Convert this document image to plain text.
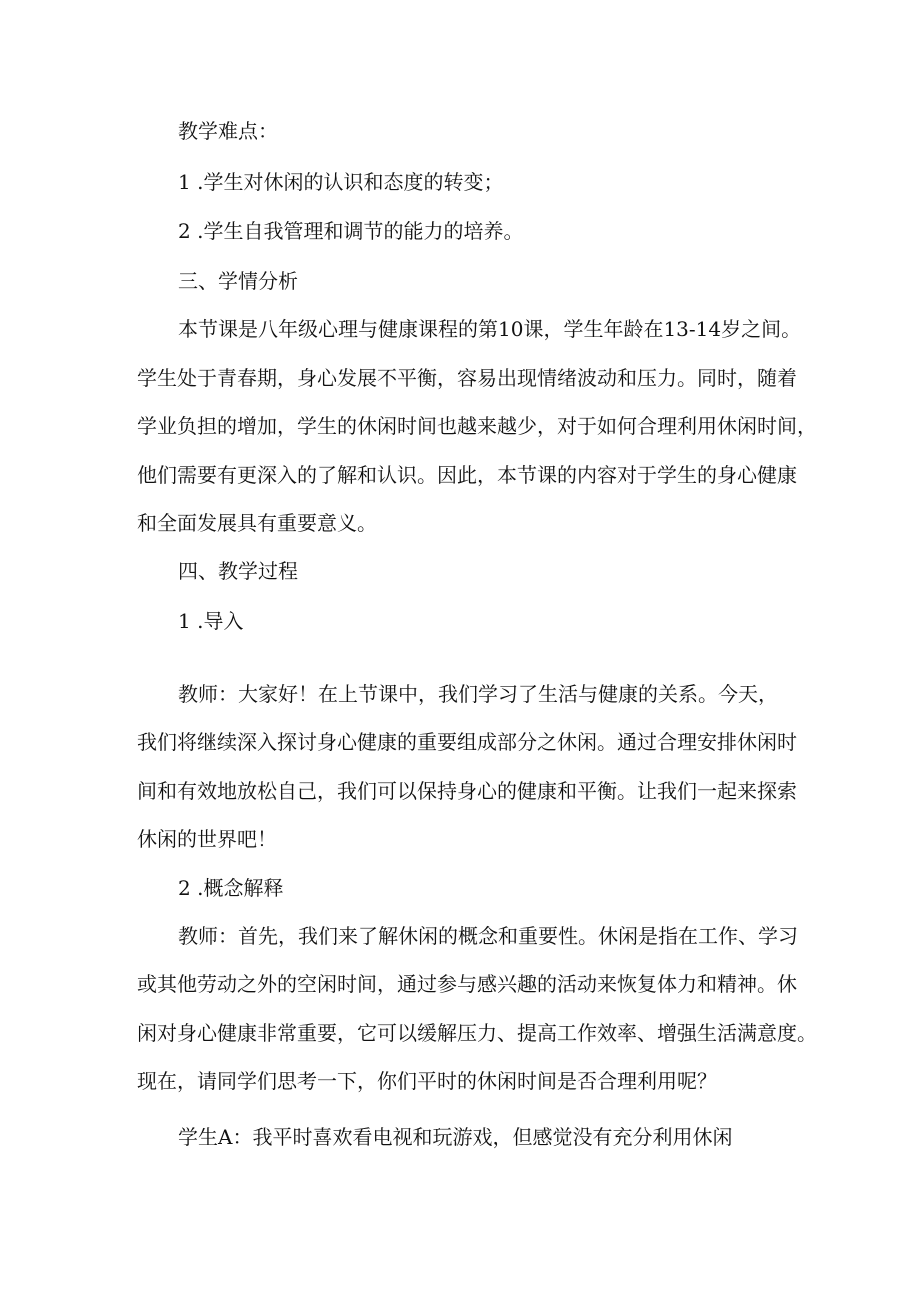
教学难点：
1 .学生对休闲的认识和态度的转变；
2 .学生自我管理和调节的能力的培养。
三、学情分析
本节课是八年级心理与健康课程的第10课，学生年龄在13-14岁之间。
学生处于青春期，身心发展不平衡，容易出现情绪波动和压力。同时，随着
学业负担的增加，学生的休闲时间也越来越少，对于如何合理利用休闲时间，
他们需要有更深入的了解和认识。因此，本节课的内容对于学生的身心健康
和全面发展具有重要意义。
四、教学过程
1 .导入
教师：大家好！在上节课中，我们学习了生活与健康的关系。今天，
我们将继续深入探讨身心健康的重要组成部分之休闲。通过合理安排休闲时
间和有效地放松自己，我们可以保持身心的健康和平衡。让我们一起来探索
休闲的世界吧！
2 .概念解释
教师：首先，我们来了解休闲的概念和重要性。休闲是指在工作、学习
或其他劳动之外的空闲时间，通过参与感兴趣的活动来恢复体力和精神。休
闲对身心健康非常重要，它可以缓解压力、提高工作效率、增强生活满意度。
现在，请同学们思考一下，你们平时的休闲时间是否合理利用呢？
学生A：我平时喜欢看电视和玩游戏，但感觉没有充分利用休闲
